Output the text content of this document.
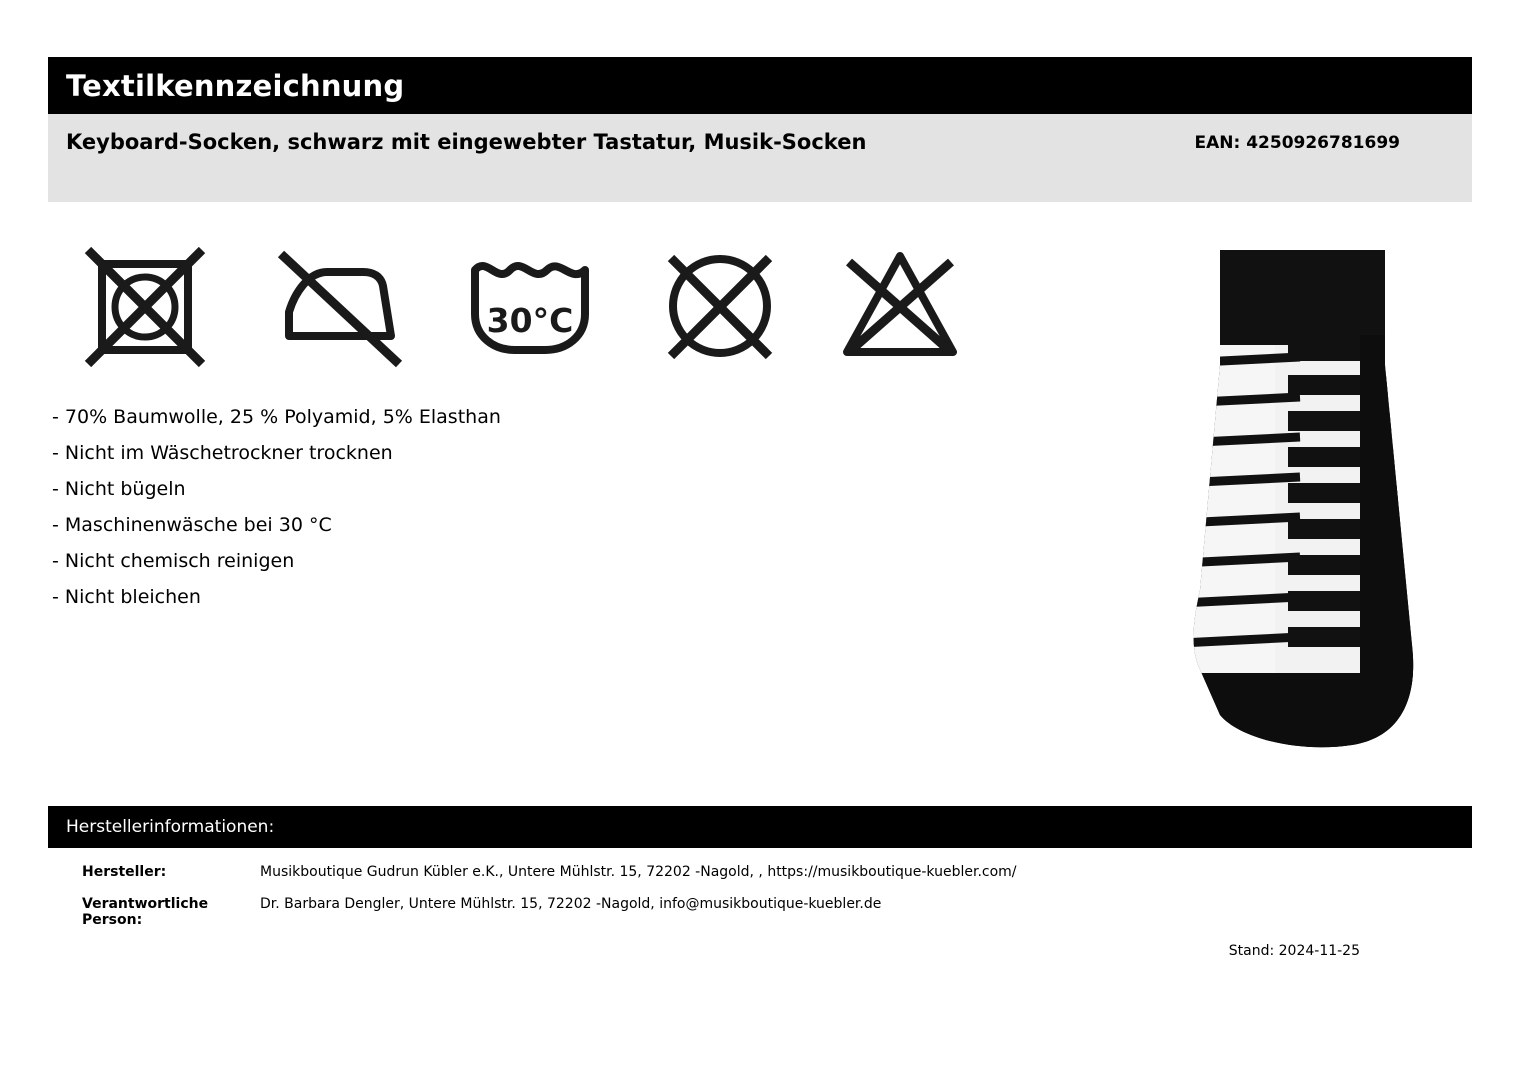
Textilkennzeichnung
Keyboard-Socken, schwarz mit eingewebter Tastatur, Musik-Socken	EAN: 4250926781699
30°C
- 70% Baumwolle, 25 % Polyamid, 5% Elasthan
- Nicht im Wäschetrockner trocknen
- Nicht bügeln
- Maschinenwäsche bei 30 °C
- Nicht chemisch reinigen
- Nicht bleichen
Herstellerinformationen:
Hersteller:	Musikboutique Gudrun Kübler e.K., Untere Mühlstr. 15, 72202 -Nagold, , https://musikboutique-kuebler.com/
Verantwortliche Person:
Dr. Barbara Dengler, Untere Mühlstr. 15, 72202 -Nagold, info@musikboutique-kuebler.de
Stand: 2024-11-25
